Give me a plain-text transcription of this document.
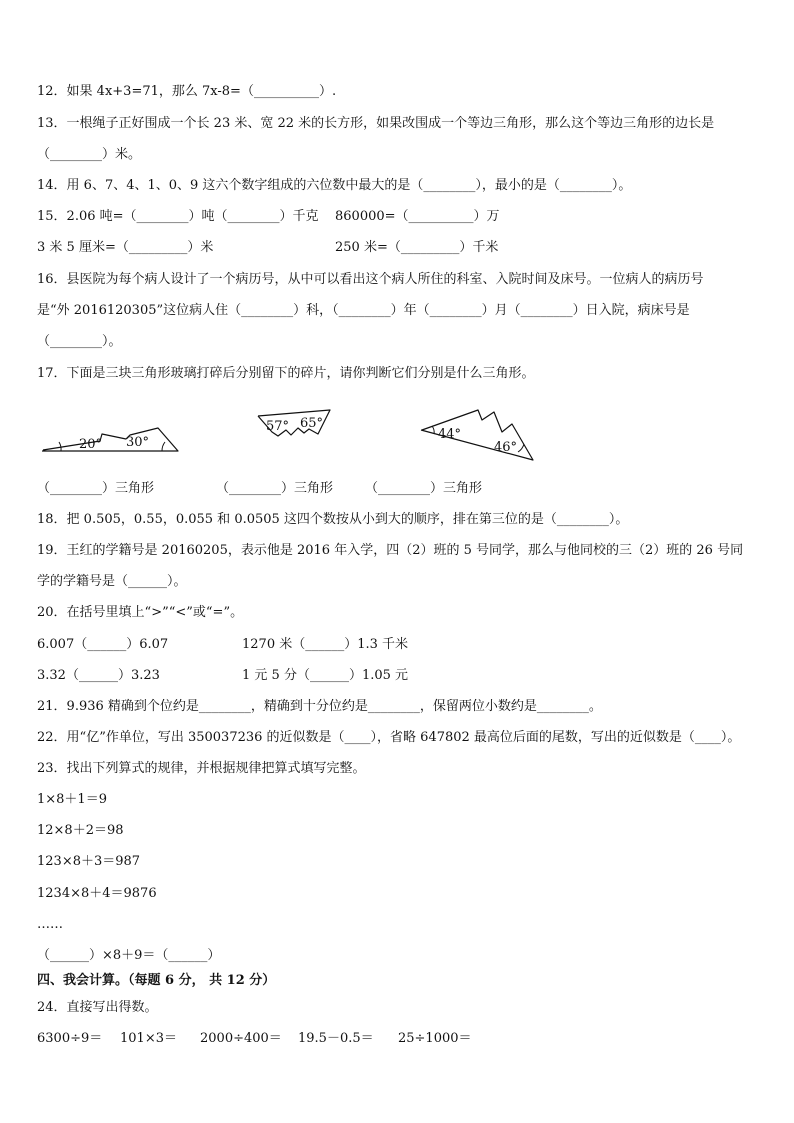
12．如果 4x+3=71，那么 7x-8=（__________）.
13．一根绳子正好围成一个长 23 米、宽 22 米的长方形，如果改围成一个等边三角形，那么这个等边三角形的边长是
（________）米。
14．用 6、7、4、1、0、9 这六个数字组成的六位数中最大的是（________），最小的是（________）。
15．2.06 吨=（________）吨（________）千克 860000=（__________）万
3 米 5 厘米=（_________）米	250 米=（_________）千米
16．县医院为每个病人设计了一个病历号，从中可以看出这个病人所住的科室、入院时间及床号。一位病人的病历号
是“外 2016120305”这位病人住（________）科，（________）年（________）月（________）日入院，病床号是
（________）。
17．下面是三块三角形玻璃打碎后分别留下的碎片，请你判断它们分别是什么三角形。
20° 30°
57° 65°
44°
46°
（________）三角形	（________）三角形 （________）三角形
18．把 0.505，0.55，0.055 和 0.0505 这四个数按从小到大的顺序，排在第三位的是（________）。
19．王红的学籍号是 20160205，表示他是 2016 年入学，四（2）班的 5 号同学，那么与他同校的三（2）班的 26 号同
学的学籍号是（______）。
20．在括号里填上“>”“<”或“=”。
6.007（______）6.07	1270 米（______）1.3 千米
3.32（______）3.23	1 元 5 分（______）1.05 元
21．9.936 精确到个位约是________，精确到十分位约是________，保留两位小数约是________。
22．用“亿”作单位，写出 350037236 的近似数是（____），省略 647802 最高位后面的尾数，写出的近似数是（____）。
23．找出下列算式的规律，并根据规律把算式填写完整。
1×8＋1＝9
12×8＋2＝98
123×8＋3＝987
1234×8＋4＝9876
……
（______）×8＋9＝（______）
四、我会计算。（每题 6 分， 共 12 分）
24．直接写出得数。
6300÷9＝ 101×3＝ 2000÷400＝ 19.5－0.5＝ 25÷1000＝
